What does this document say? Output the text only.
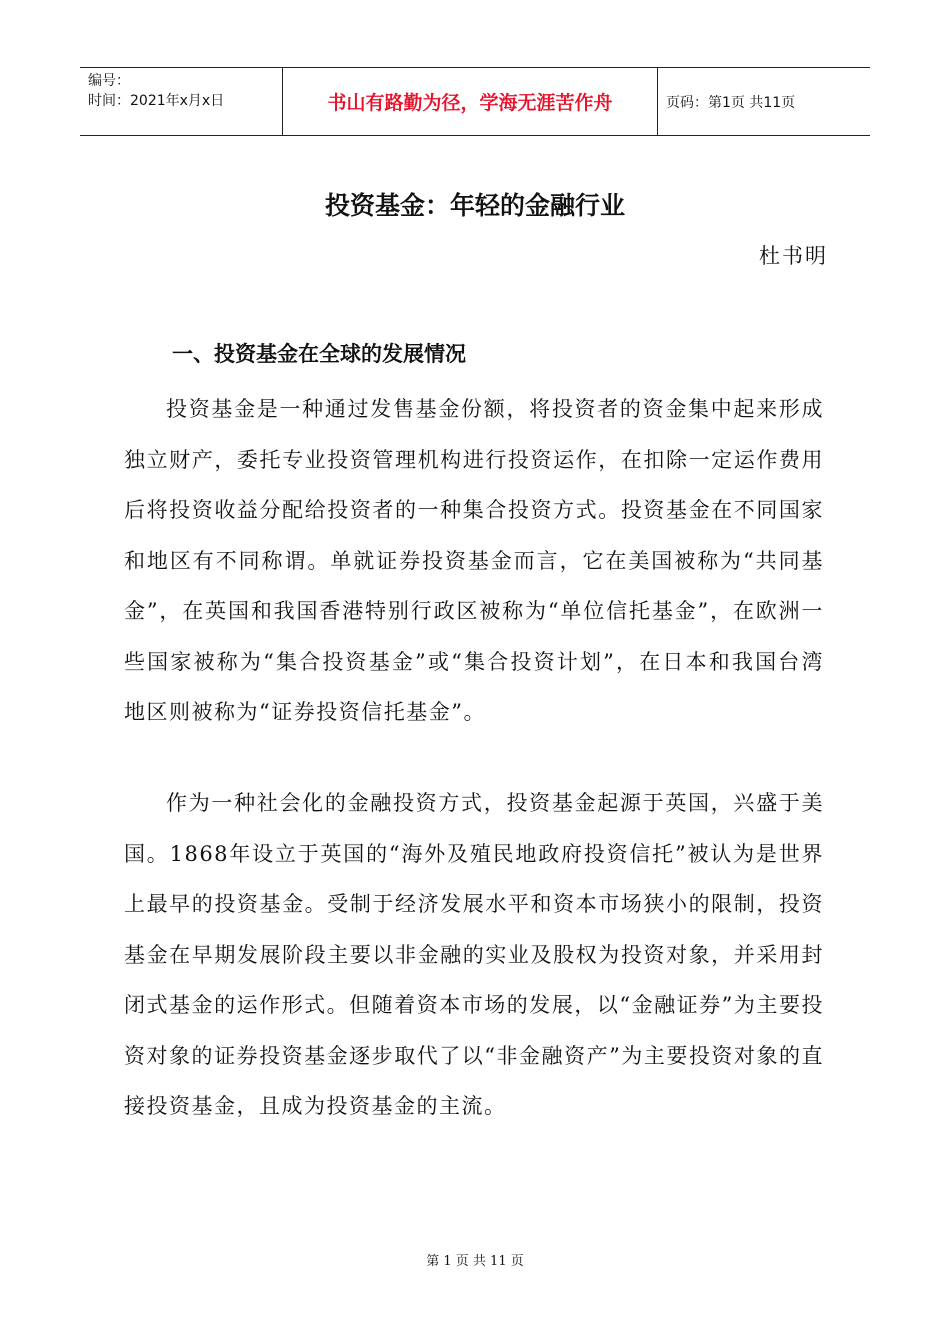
编号：
时间：2021年x月x日	书山有路勤为径，学海无涯苦作舟	页码：第1页 共11页
投资基金：年轻的金融行业
杜书明
一、投资基金在全球的发展情况

投资基金是一种通过发售基金份额，将投资者的资金集中起来形成独立财产，委托专业投资管理机构进行投资运作，在扣除一定运作费用后将投资收益分配给投资者的一种集合投资方式。投资基金在不同国家和地区有不同称谓。单就证券投资基金而言，它在美国被称为“共同基金”，在英国和我国香港特别行政区被称为“单位信托基金”，在欧洲一些国家被称为“集合投资基金”或“集合投资计划”，在日本和我国台湾地区则被称为“证券投资信托基金”。

作为一种社会化的金融投资方式，投资基金起源于英国，兴盛于美国。1868年设立于英国的“海外及殖民地政府投资信托”被认为是世界上最早的投资基金。受制于经济发展水平和资本市场狭小的限制，投资基金在早期发展阶段主要以非金融的实业及股权为投资对象，并采用封闭式基金的运作形式。但随着资本市场的发展，以“金融证券”为主要投资对象的证券投资基金逐步取代了以“非金融资产”为主要投资对象的直接投资基金，且成为投资基金的主流。

第 1 页 共 11 页
